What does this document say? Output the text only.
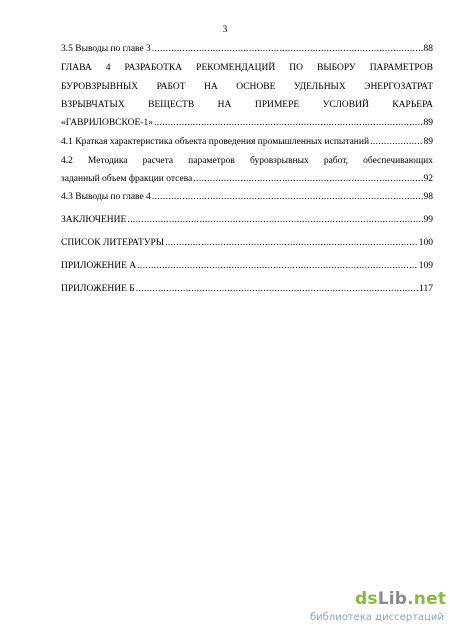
3
3.5 Выводы по главе 3 .....	88
ГЛАВА 4 РАЗРАБОТКА РЕКОМЕНДАЦИЙ ПО ВЫБОРУ ПАРАМЕТРОВ
БУРОВЗРЫВНЫХ РАБОТ НА ОСНОВЕ УДЕЛЬНЫХ ЭНЕРГОЗАТРАТ
ВЗРЫВЧАТЫХ ВЕЩЕСТВ НА ПРИМЕРЕ УСЛОВИЙ КАРЬЕРА
«ГАВРИЛОВСКОЕ-1» .....	89
4.1 Краткая характеристика объекта проведения промышленных испытаний .....	89
4.2 Методика расчета параметров буровзрывных работ, обеспечивающих
заданный объем фракции отсева .....	92
4.3 Выводы по главе 4 .....	98
ЗАКЛЮЧЕНИЕ .....	99
СПИСОК ЛИТЕРАТУРЫ .....	100
ПРИЛОЖЕНИЕ А .....	109
ПРИЛОЖЕНИЕ Б .....	117
dsLib.net
библиотека диссертаций
